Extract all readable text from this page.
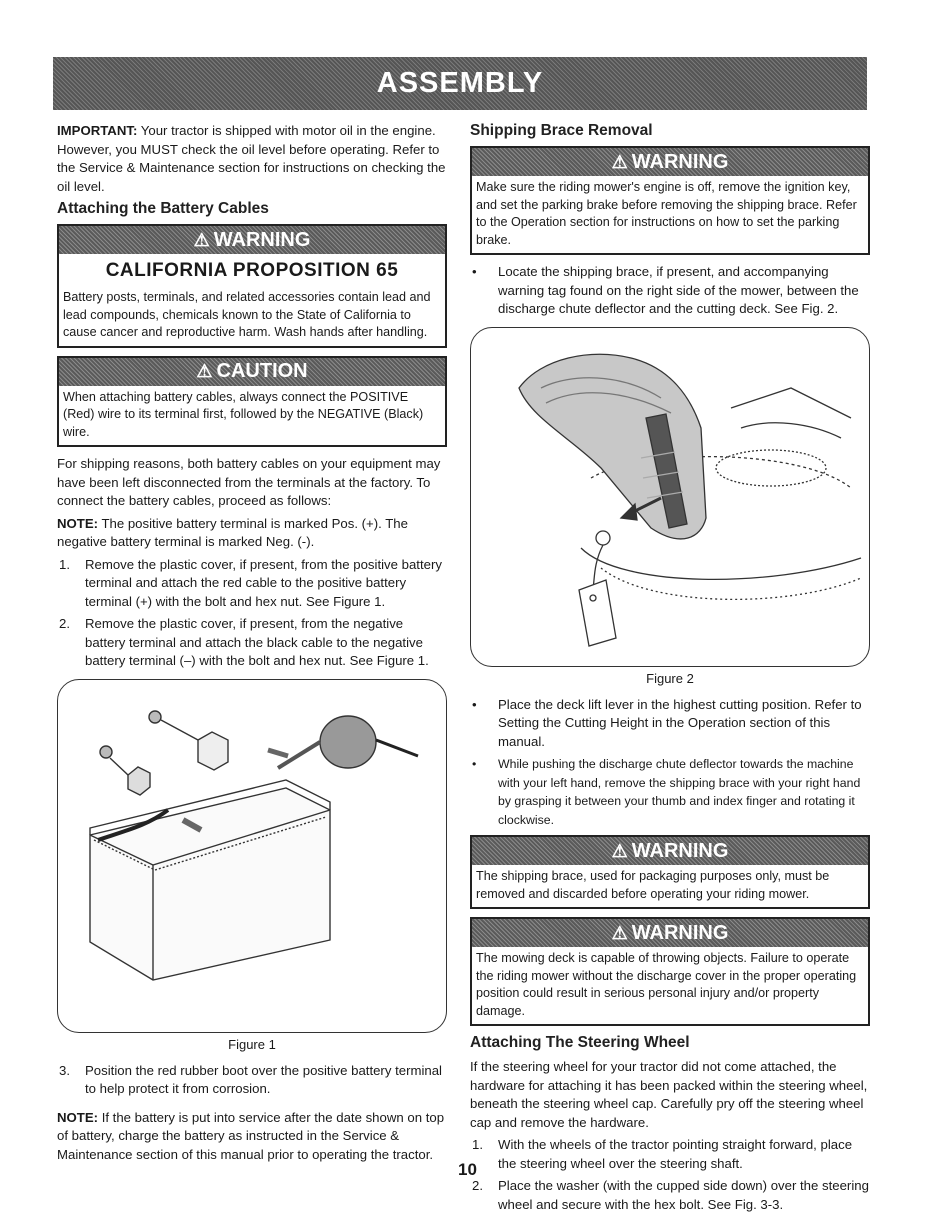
ASSEMBLY

IMPORTANT: Your tractor is shipped with motor oil in the engine. However, you MUST check the oil level before operating. Refer to the Service & Maintenance section for instructions on checking the oil level.

Attaching the Battery Cables
⚠ WARNING
CALIFORNIA PROPOSITION 65
Battery posts, terminals, and related accessories contain lead and lead compounds, chemicals known to the State of California to cause cancer and reproductive harm. Wash hands after handling.
⚠ CAUTION
When attaching battery cables, always connect the POSITIVE (Red) wire to its terminal first, followed by the NEGATIVE (Black) wire.

For shipping reasons, both battery cables on your equipment may have been left disconnected from the terminals at the factory. To connect the battery cables, proceed as follows:

NOTE: The positive battery terminal is marked Pos. (+). The negative battery terminal is marked Neg. (-).

1. Remove the plastic cover, if present, from the positive battery terminal and attach the red cable to the positive battery terminal (+) with the bolt and hex nut. See Figure 1.
2. Remove the plastic cover, if present, from the negative battery terminal and attach the black cable to the negative battery terminal (–) with the bolt and hex nut. See Figure 1.
Figure 1
3. Position the red rubber boot over the positive battery terminal to help protect it from corrosion.

NOTE: If the battery is put into service after the date shown on top of battery, charge the battery as instructed in the Service & Maintenance section of this manual prior to operating the tractor.

Shipping Brace Removal
⚠ WARNING
Make sure the riding mower's engine is off, remove the ignition key, and set the parking brake before removing the shipping brace. Refer to the Operation section for instructions on how to set the parking brake.
• Locate the shipping brace, if present, and accompanying warning tag found on the right side of the mower, between the discharge chute deflector and the cutting deck. See Fig. 2.
Figure 2
• Place the deck lift lever in the highest cutting position. Refer to Setting the Cutting Height in the Operation section of this manual.
• While pushing the discharge chute deflector towards the machine with your left hand, remove the shipping brace with your right hand by grasping it between your thumb and index finger and rotating it clockwise.
⚠ WARNING
The shipping brace, used for packaging purposes only, must be removed and discarded before operating your riding mower.
⚠ WARNING
The mowing deck is capable of throwing objects. Failure to operate the riding mower without the discharge cover in the proper operating position could result in serious personal injury and/or property damage.
Attaching The Steering Wheel

If the steering wheel for your tractor did not come attached, the hardware for attaching it has been packed within the steering wheel, beneath the steering wheel cap. Carefully pry off the steering wheel cap and remove the hardware.

1. With the wheels of the tractor pointing straight forward, place the steering wheel over the steering shaft.
2. Place the washer (with the cupped side down) over the steering wheel and secure with the hex bolt. See Fig. 3-3.
10
